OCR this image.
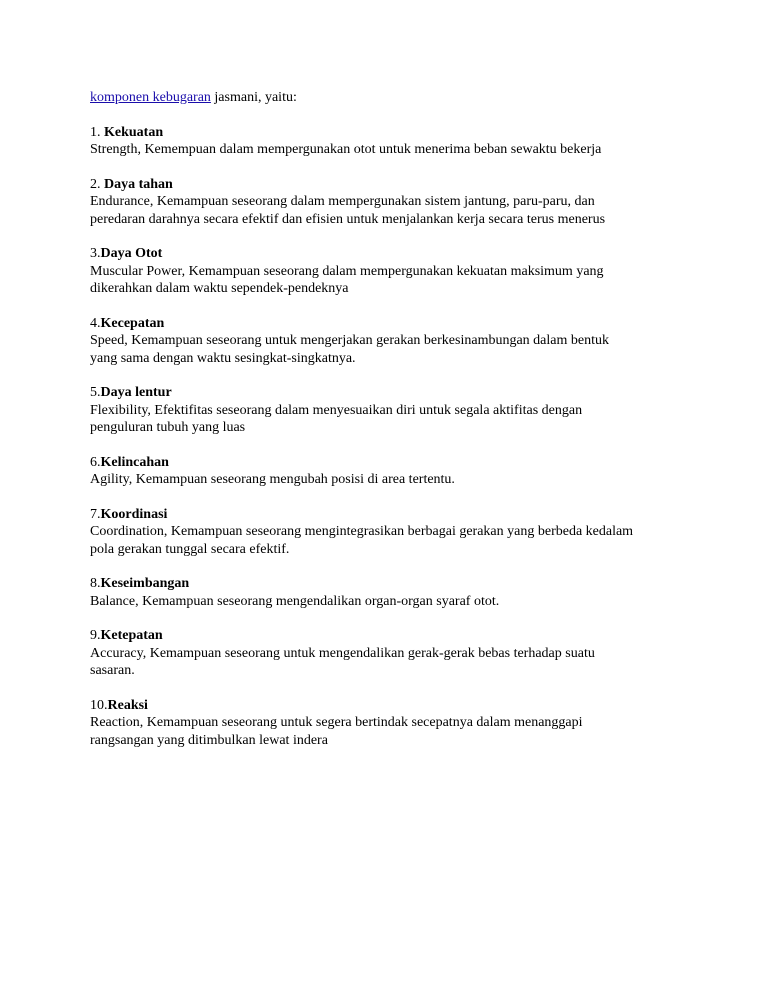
komponen kebugaran jasmani, yaitu:

1. Kekuatan
Strength, Kemempuan dalam mempergunakan otot untuk menerima beban sewaktu bekerja
2. Daya tahan
Endurance, Kemampuan seseorang dalam mempergunakan sistem jantung, paru-paru, dan
peredaran darahnya secara efektif dan efisien untuk menjalankan kerja secara terus menerus
3.Daya Otot
Muscular Power, Kemampuan seseorang dalam mempergunakan kekuatan maksimum yang
dikerahkan dalam waktu sependek-pendeknya
4.Kecepatan
Speed, Kemampuan seseorang untuk mengerjakan gerakan berkesinambungan dalam bentuk
yang sama dengan waktu sesingkat-singkatnya.
5.Daya lentur
Flexibility, Efektifitas seseorang dalam menyesuaikan diri untuk segala aktifitas dengan
penguluran tubuh yang luas
6.Kelincahan
Agility, Kemampuan seseorang mengubah posisi di area tertentu.
7.Koordinasi
Coordination, Kemampuan seseorang mengintegrasikan berbagai gerakan yang berbeda kedalam
pola gerakan tunggal secara efektif.
8.Keseimbangan
Balance, Kemampuan seseorang mengendalikan organ-organ syaraf otot.
9.Ketepatan
Accuracy, Kemampuan seseorang untuk mengendalikan gerak-gerak bebas terhadap suatu
sasaran.
10.Reaksi
Reaction, Kemampuan seseorang untuk segera bertindak secepatnya dalam menanggapi
rangsangan yang ditimbulkan lewat indera
